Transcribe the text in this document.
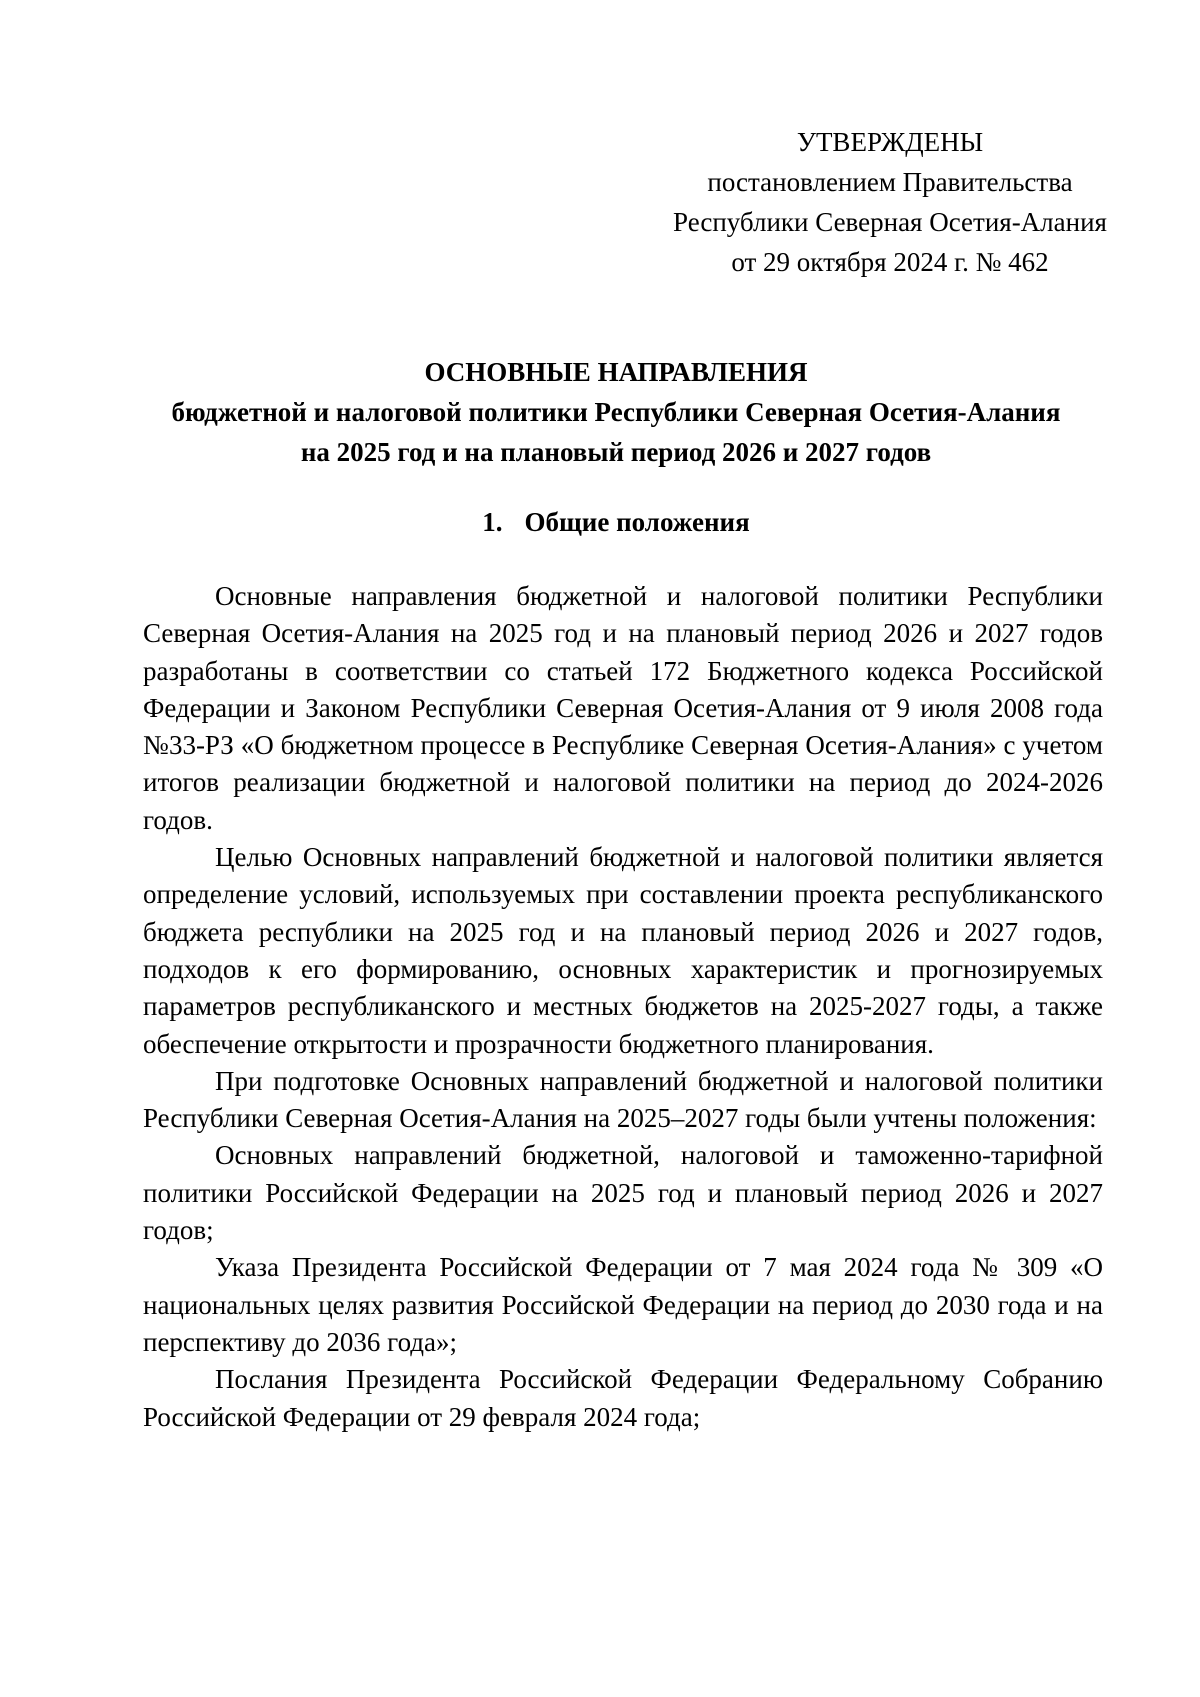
УТВЕРЖДЕНЫ
постановлением Правительства
Республики Северная Осетия-Алания
от 29 октября 2024 г. № 462
ОСНОВНЫЕ НАПРАВЛЕНИЯ
бюджетной и налоговой политики Республики Северная Осетия-Алания
на 2025 год и на плановый период 2026 и 2027 годов
1. Общие положения

Основные направления бюджетной и налоговой политики Республики Северная Осетия-Алания на 2025 год и на плановый период 2026 и 2027 годов разработаны в соответствии со статьей 172 Бюджетного кодекса Российской Федерации и Законом Республики Северная Осетия-Алания от 9 июля 2008 года №33-РЗ «О бюджетном процессе в Республике Северная Осетия-Алания» с учетом итогов реализации бюджетной и налоговой политики на период до 2024-2026 годов.

Целью Основных направлений бюджетной и налоговой политики является определение условий, используемых при составлении проекта республиканского бюджета республики на 2025 год и на плановый период 2026 и 2027 годов, подходов к его формированию, основных характеристик и прогнозируемых параметров республиканского и местных бюджетов на 2025-2027 годы, а также обеспечение открытости и прозрачности бюджетного планирования.

При подготовке Основных направлений бюджетной и налоговой политики Республики Северная Осетия-Алания на 2025–2027 годы были учтены положения:

Основных направлений бюджетной, налоговой и таможенно-тарифной политики Российской Федерации на 2025 год и плановый период 2026 и 2027 годов;

Указа Президента Российской Федерации от 7 мая 2024 года № 309 «О национальных целях развития Российской Федерации на период до 2030 года и на перспективу до 2036 года»;

Послания Президента Российской Федерации Федеральному Собранию Российской Федерации от 29 февраля 2024 года;
